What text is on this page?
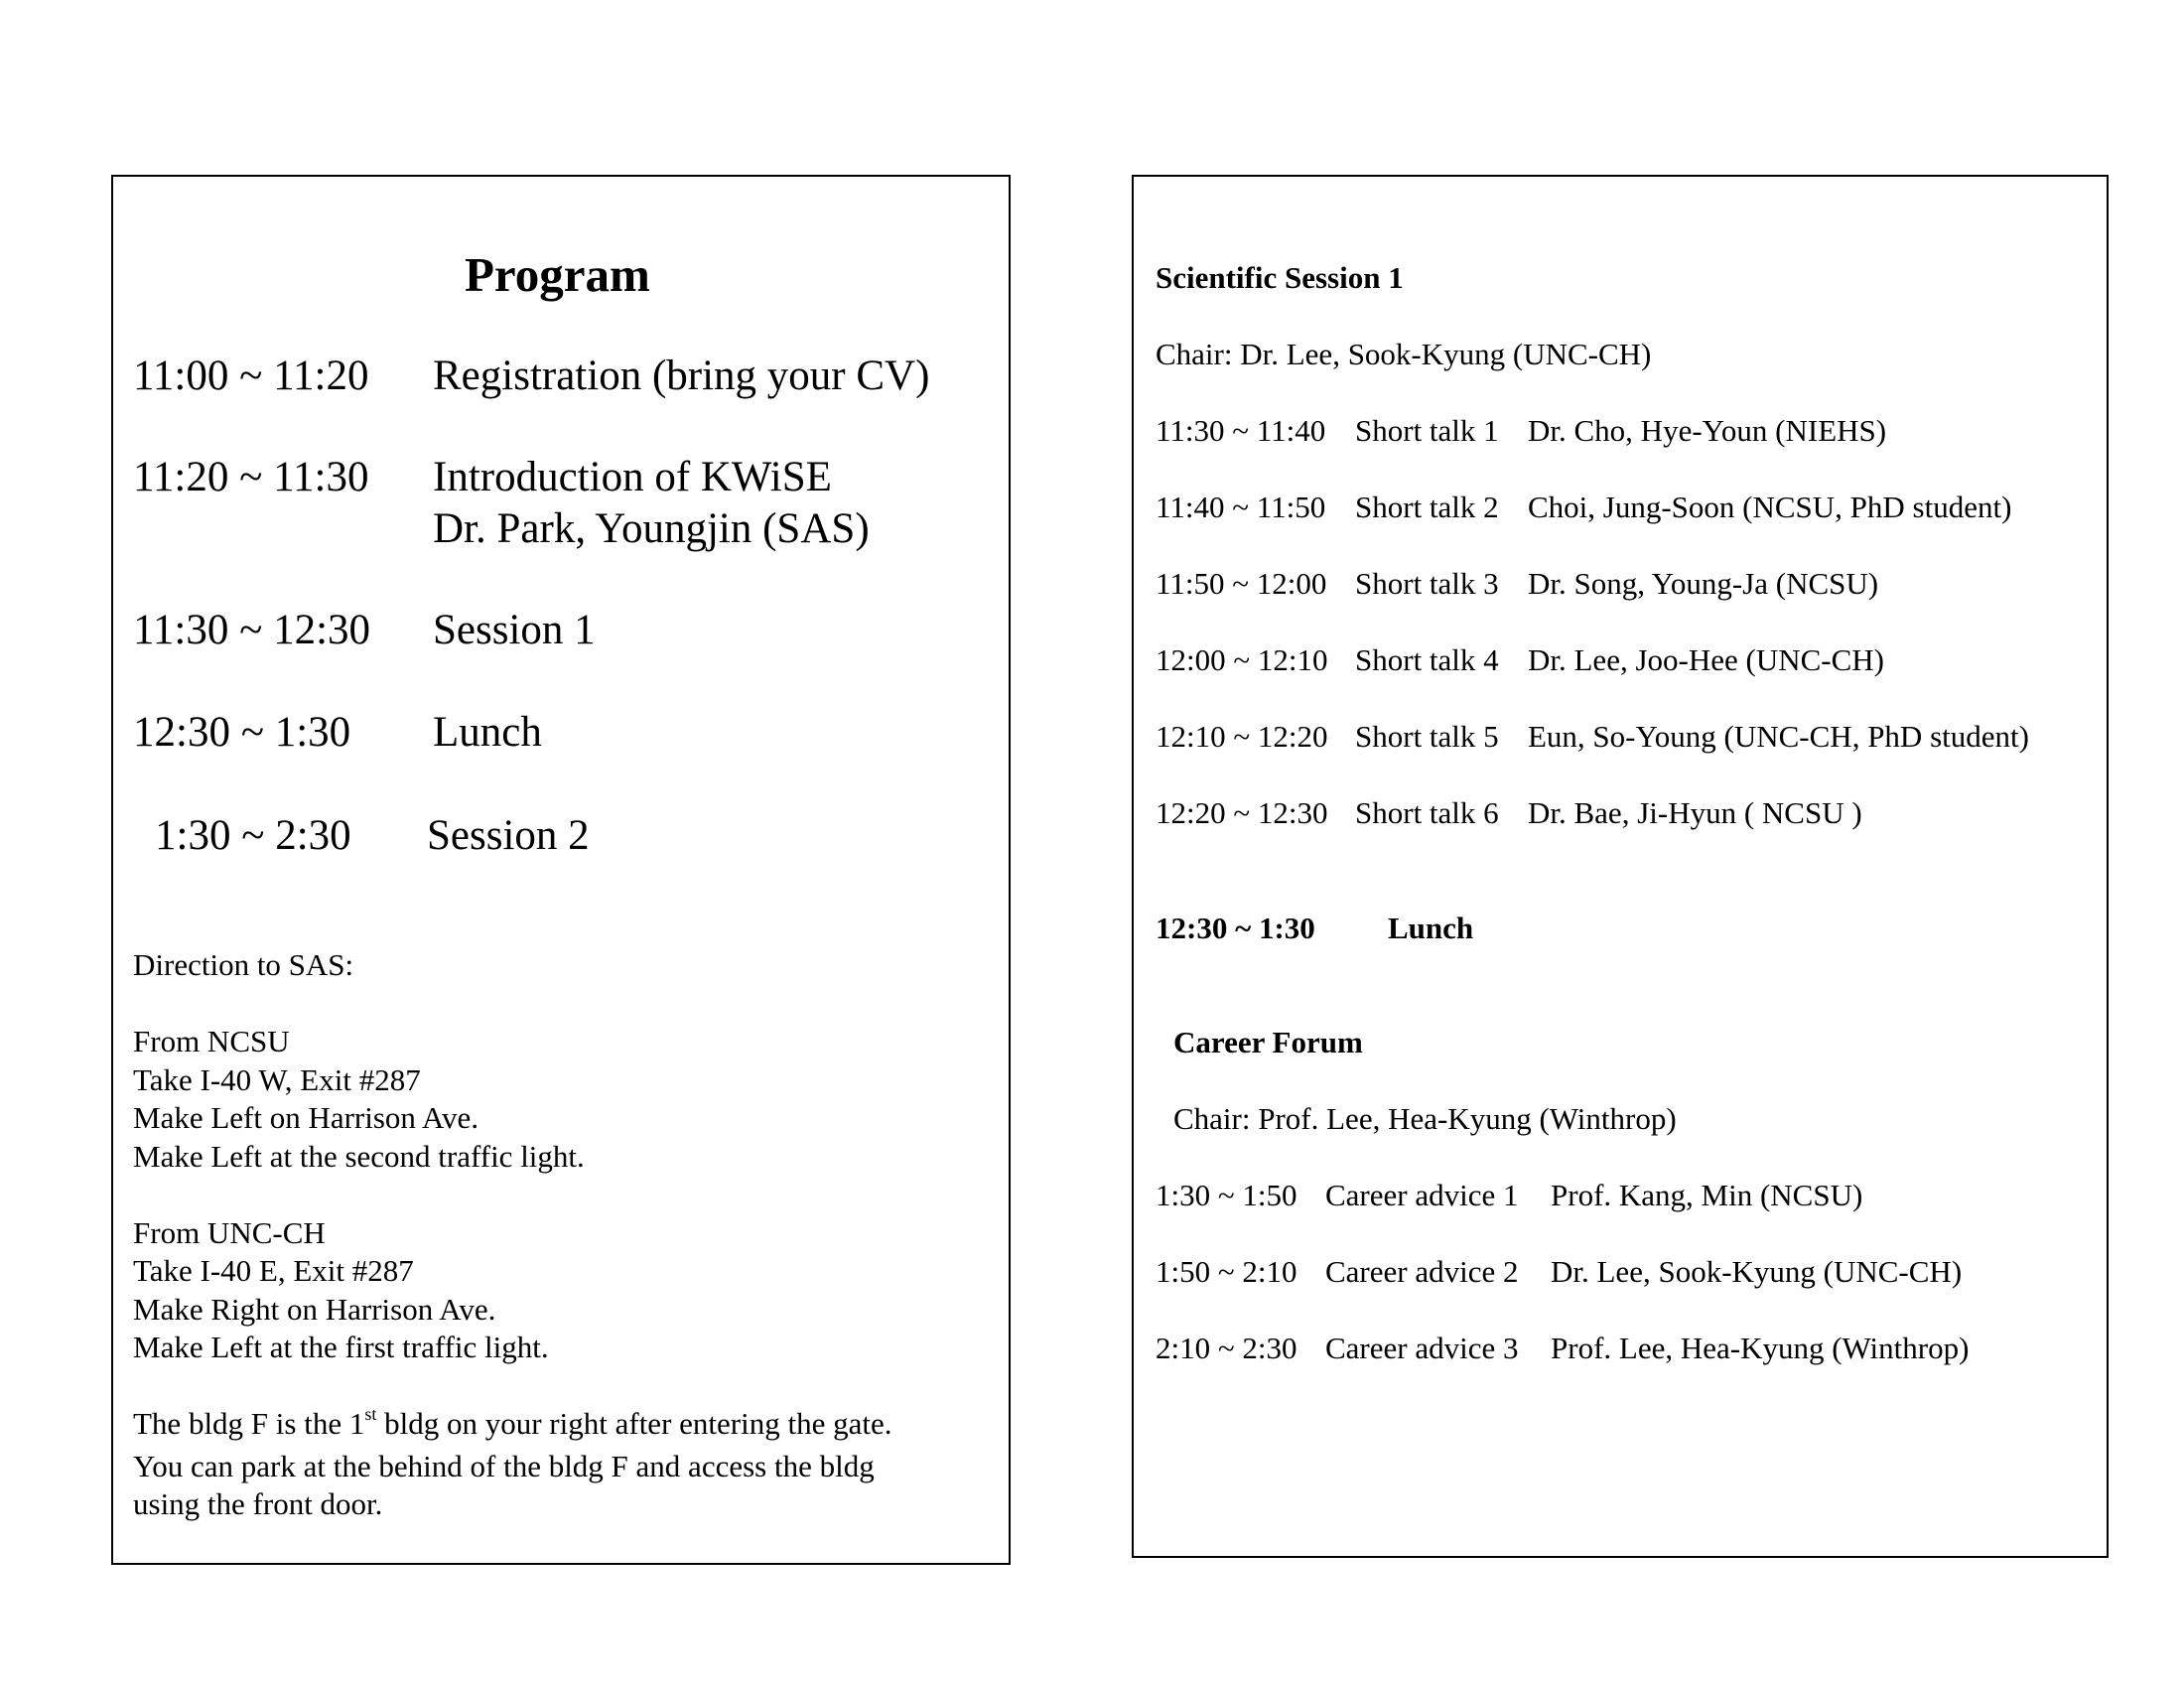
Program
11:00 ~ 11:20 Registration (bring your CV)
11:20 ~ 11:30 Introduction of KWiSE
Dr. Park, Youngjin (SAS)
11:30 ~ 12:30 Session 1
12:30 ~ 1:30 Lunch
1:30 ~ 2:30 Session 2

Direction to SAS:

From NCSU

Take I-40 W, Exit #287

Make Left on Harrison Ave.

Make Left at the second traffic light.

From UNC-CH

Take I-40 E, Exit #287

Make Right on Harrison Ave.

Make Left at the first traffic light.

The bldg F is the 1st bldg on your right after entering the gate.

You can park at the behind of the bldg F and access the bldg

using the front door.

Scientific Session 1
Chair: Dr. Lee, Sook-Kyung (UNC-CH)
11:30 ~ 11:40 Short talk 1 Dr. Cho, Hye-Youn (NIEHS)
11:40 ~ 11:50 Short talk 2 Choi, Jung-Soon (NCSU, PhD student)
11:50 ~ 12:00 Short talk 3 Dr. Song, Young-Ja (NCSU)
12:00 ~ 12:10 Short talk 4 Dr. Lee, Joo-Hee (UNC-CH)
12:10 ~ 12:20 Short talk 5 Eun, So-Young (UNC-CH, PhD student)
12:20 ~ 12:30 Short talk 6 Dr. Bae, Ji-Hyun ( NCSU )
12:30 ~ 1:30 Lunch
Career Forum
Chair: Prof. Lee, Hea-Kyung (Winthrop)
1:30 ~ 1:50 Career advice 1 Prof. Kang, Min (NCSU)
1:50 ~ 2:10 Career advice 2 Dr. Lee, Sook-Kyung (UNC-CH)
2:10 ~ 2:30 Career advice 3 Prof. Lee, Hea-Kyung (Winthrop)
